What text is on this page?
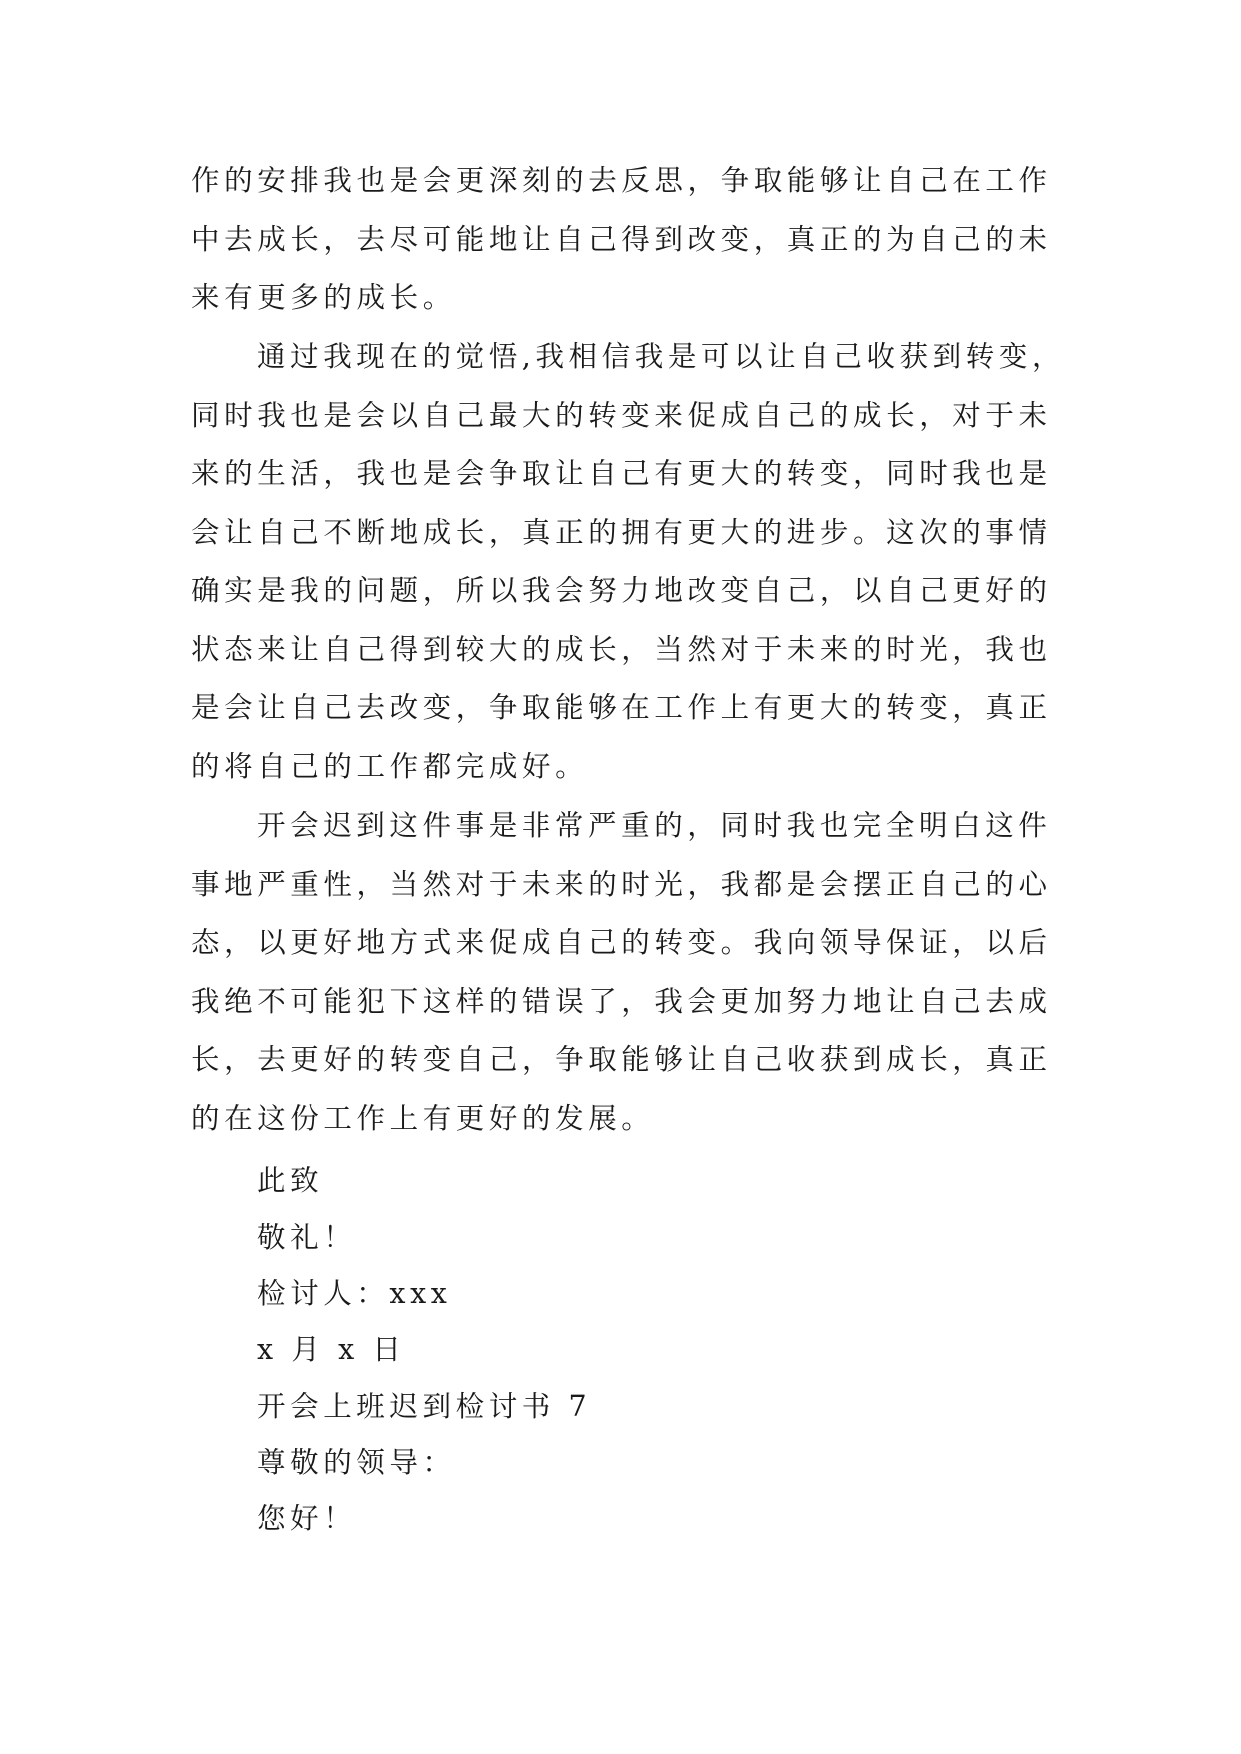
作的安排我也是会更深刻的去反思，争取能够让自己在工作
中去成长，去尽可能地让自己得到改变，真正的为自己的未
来有更多的成长。
通过我现在的觉悟,我相信我是可以让自己收获到转变，
同时我也是会以自己最大的转变来促成自己的成长，对于未
来的生活，我也是会争取让自己有更大的转变，同时我也是
会让自己不断地成长，真正的拥有更大的进步。这次的事情
确实是我的问题，所以我会努力地改变自己，以自己更好的
状态来让自己得到较大的成长，当然对于未来的时光，我也
是会让自己去改变，争取能够在工作上有更大的转变，真正
的将自己的工作都完成好。
开会迟到这件事是非常严重的，同时我也完全明白这件
事地严重性，当然对于未来的时光，我都是会摆正自己的心
态，以更好地方式来促成自己的转变。我向领导保证，以后
我绝不可能犯下这样的错误了，我会更加努力地让自己去成
长，去更好的转变自己，争取能够让自己收获到成长，真正
的在这份工作上有更好的发展。
此致
敬礼！
检讨人：xxx
x 月 x 日
开会上班迟到检讨书 7
尊敬的领导：
您好！
